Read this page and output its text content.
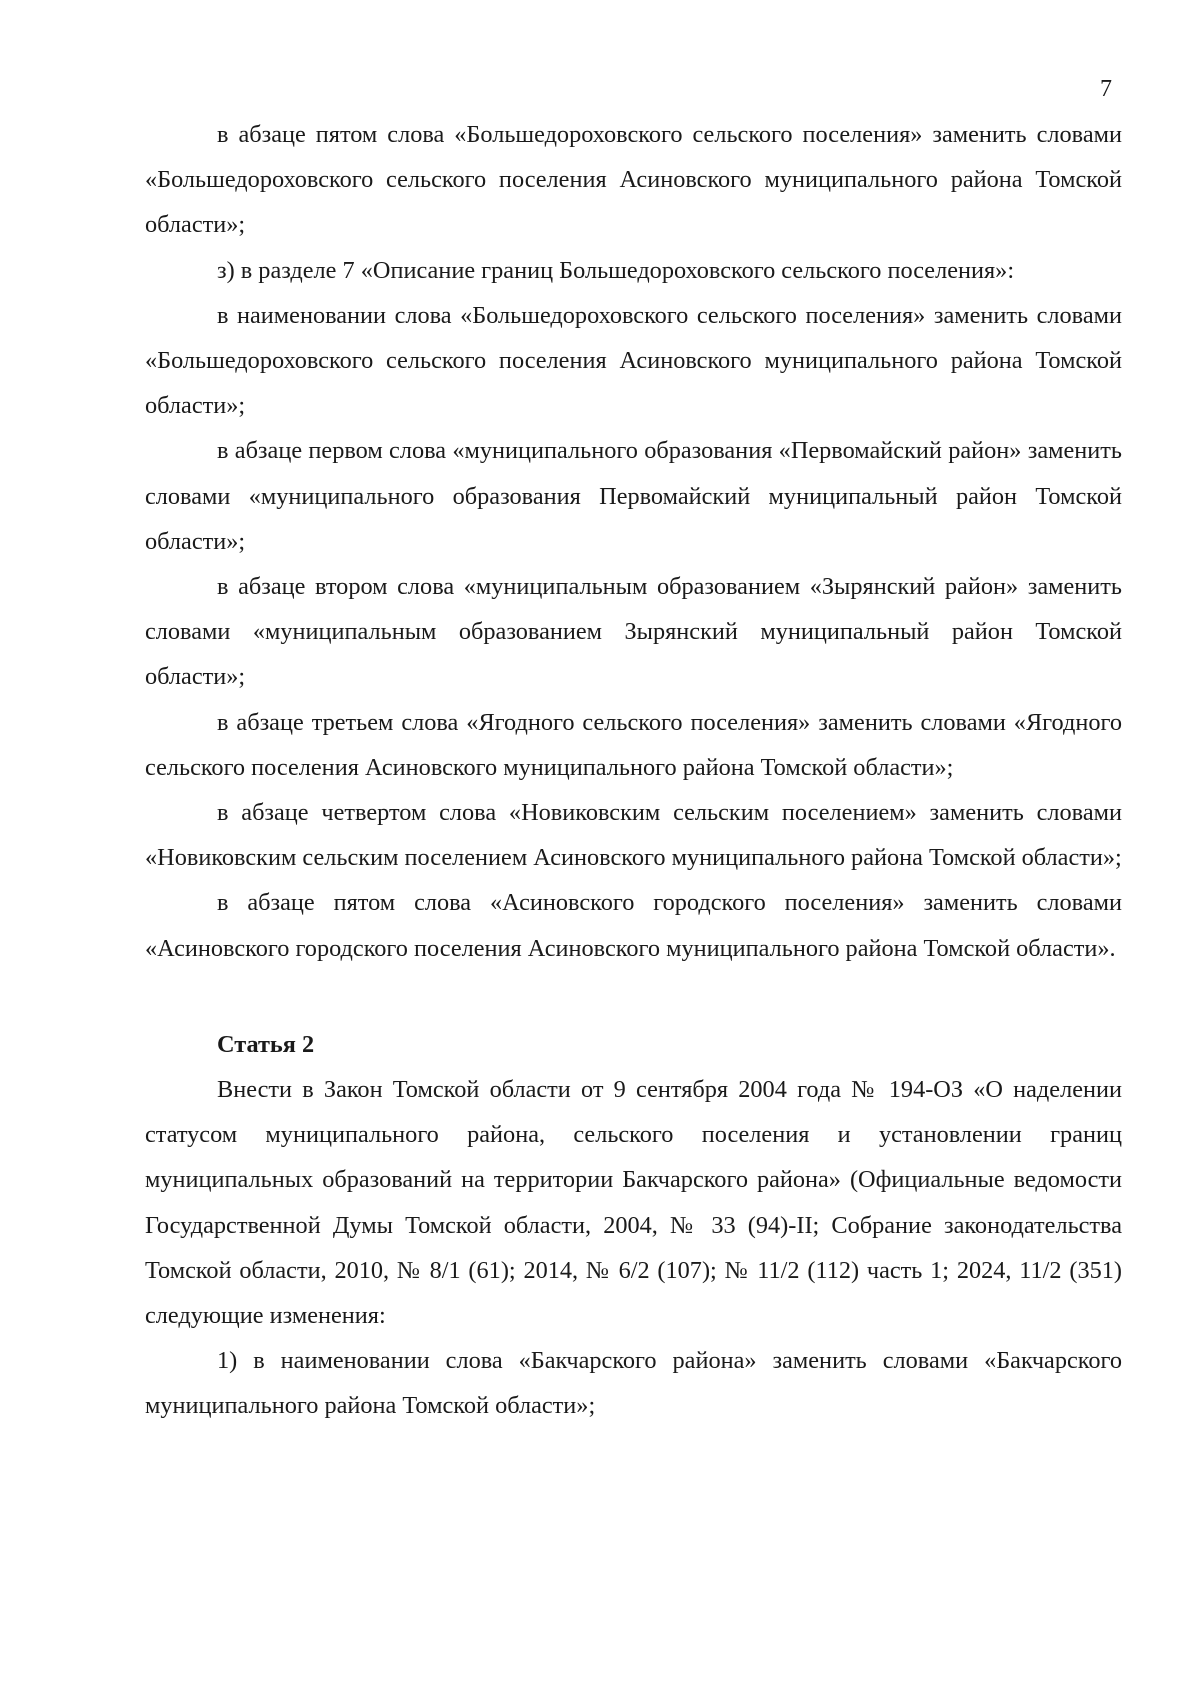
7

в абзаце пятом слова «Большедороховского сельского поселения» заменить словами «Большедороховского сельского поселения Асиновского муниципального района Томской области»;

з) в разделе 7 «Описание границ Большедороховского сельского поселения»:

в наименовании слова «Большедороховского сельского поселения» заменить словами «Большедороховского сельского поселения Асиновского муниципального района Томской области»;

в абзаце первом слова «муниципального образования «Первомайский район» заменить словами «муниципального образования Первомайский муниципальный район Томской области»;

в абзаце втором слова «муниципальным образованием «Зырянский район» заменить словами «муниципальным образованием Зырянский муниципальный район Томской области»;

в абзаце третьем слова «Ягодного сельского поселения» заменить словами «Ягодного сельского поселения Асиновского муниципального района Томской области»;

в абзаце четвертом слова «Новиковским сельским поселением» заменить словами «Новиковским сельским поселением Асиновского муниципального района Томской области»;

в абзаце пятом слова «Асиновского городского поселения» заменить словами «Асиновского городского поселения Асиновского муниципального района Томской области».

Статья 2

Внести в Закон Томской области от 9 сентября 2004 года № 194-ОЗ «О наделении статусом муниципального района, сельского поселения и установлении границ муниципальных образований на территории Бакчарского района» (Официальные ведомости Государственной Думы Томской области, 2004, № 33 (94)-II; Собрание законодательства Томской области, 2010, № 8/1 (61); 2014, № 6/2 (107); № 11/2 (112) часть 1; 2024, 11/2 (351) следующие изменения:

1) в наименовании слова «Бакчарского района» заменить словами «Бакчарского муниципального района Томской области»;
